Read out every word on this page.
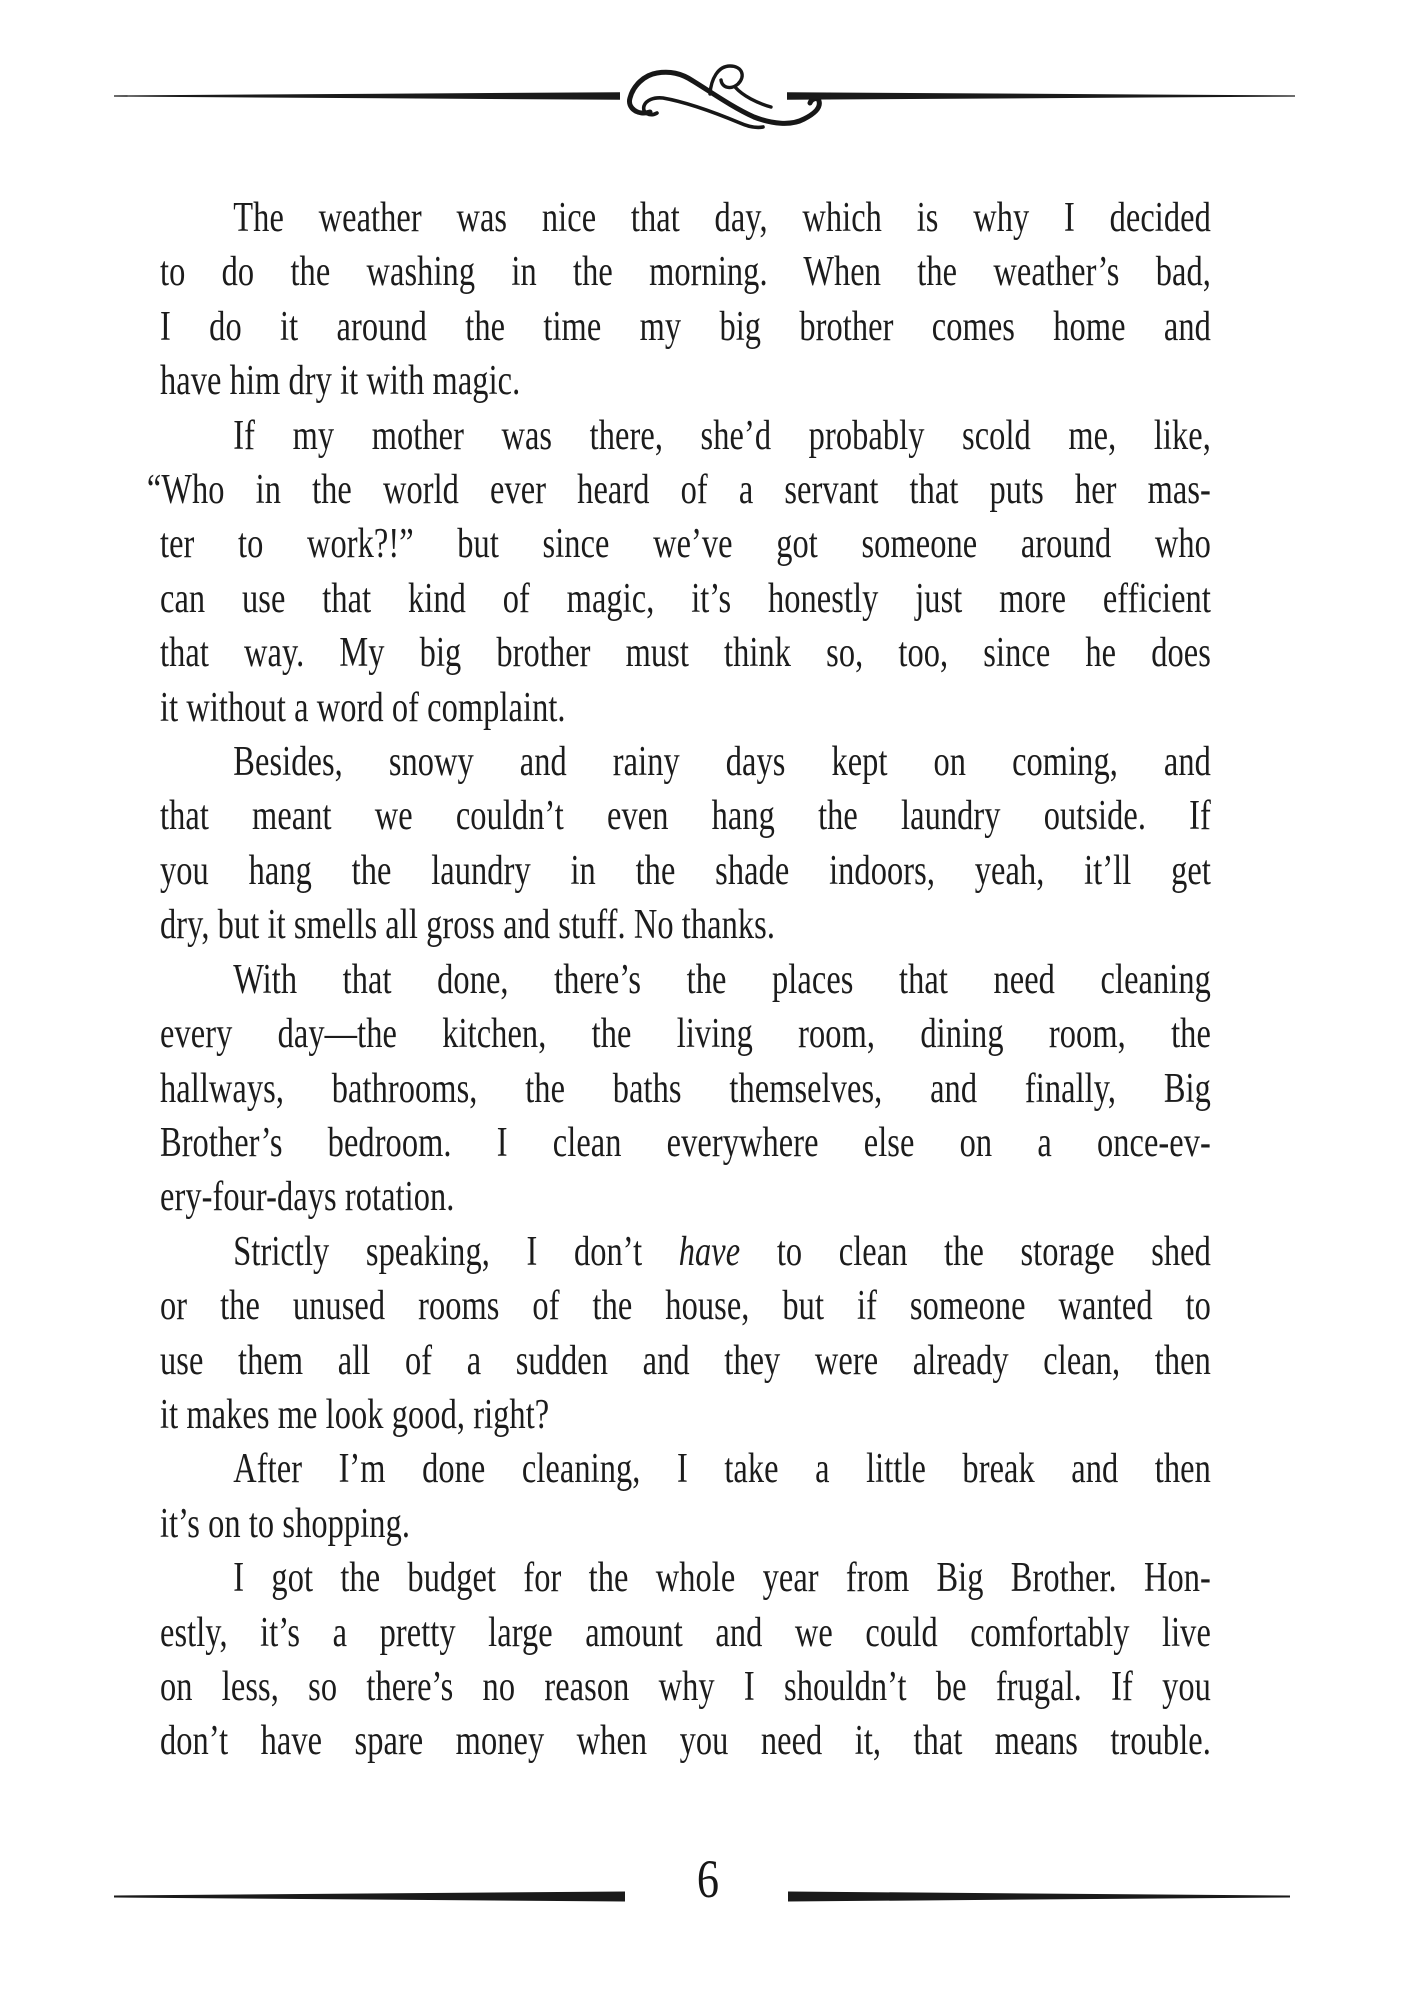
The weather was nice that day, which is why I decided
to do the washing in the morning. When the weather’s bad,
I do it around the time my big brother comes home and
have him dry it with magic.
If my mother was there, she’d probably scold me, like,
“Who in the world ever heard of a servant that puts her mas-
ter to work?!” but since we’ve got someone around who
can use that kind of magic, it’s honestly just more efficient
that way. My big brother must think so, too, since he does
it without a word of complaint.
Besides, snowy and rainy days kept on coming, and
that meant we couldn’t even hang the laundry outside. If
you hang the laundry in the shade indoors, yeah, it’ll get
dry, but it smells all gross and stuff. No thanks.
With that done, there’s the places that need cleaning
every day—the kitchen, the living room, dining room, the
hallways, bathrooms, the baths themselves, and finally, Big
Brother’s bedroom. I clean everywhere else on a once-ev-
ery-four-days rotation.
Strictly speaking, I don’t have to clean the storage shed
or the unused rooms of the house, but if someone wanted to
use them all of a sudden and they were already clean, then
it makes me look good, right?
After I’m done cleaning, I take a little break and then
it’s on to shopping.
I got the budget for the whole year from Big Brother. Hon-
estly, it’s a pretty large amount and we could comfortably live
on less, so there’s no reason why I shouldn’t be frugal. If you
don’t have spare money when you need it, that means trouble.
6
